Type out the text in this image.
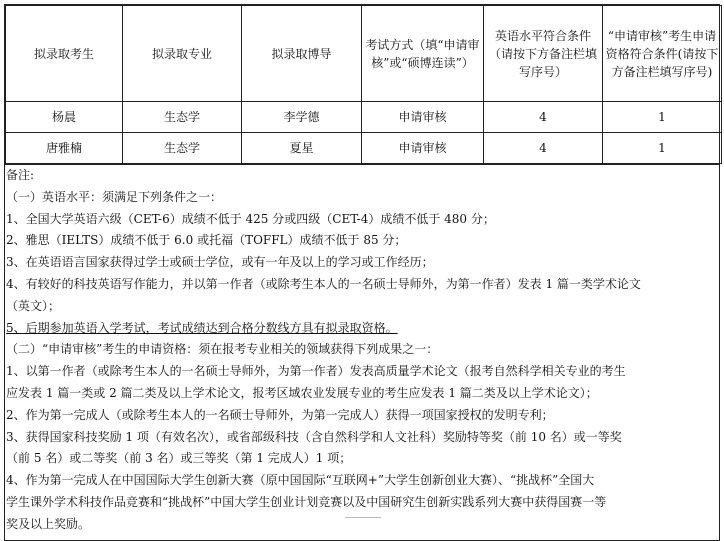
拟录取考生	拟录取专业	拟录取博导	考试方式（填“申请审核”或“硕博连读”）	英语水平符合条件（请按下方备注栏填写序号）	“申请审核”考生申请资格符合条件(请按下方备注栏填写序号)
杨晨	生态学	李学德	申请审核	4	1
唐雅楠	生态学	夏星	申请审核	4	1
备注:
（一）英语水平：须满足下列条件之一：
1、全国大学英语六级（CET-6）成绩不低于 425 分或四级（CET-4）成绩不低于 480 分；
2、雅思（IELTS）成绩不低于 6.0 或托福（TOFFL）成绩不低于 85 分；
3、在英语语言国家获得过学士或硕士学位，或有一年及以上的学习或工作经历；
4、有较好的科技英语写作能力，并以第一作者（或除考生本人的一名硕士导师外，为第一作者）发表 1 篇一类学术论文
（英文）；
5、后期参加英语入学考试，考试成绩达到合格分数线方具有拟录取资格。
（二）“申请审核”考生的申请资格：须在报考专业相关的领域获得下列成果之一：
1、以第一作者（或除考生本人的一名硕士导师外，为第一作者）发表高质量学术论文（报考自然科学相关专业的考生
应发表 1 篇一类或 2 篇二类及以上学术论文，报考区域农业发展专业的考生应发表 1 篇二类及以上学术论文）；
2、作为第一完成人（或除考生本人的一名硕士导师外，为第一完成人）获得一项国家授权的发明专利；
3、获得国家科技奖励 1 项（有效名次），或省部级科技（含自然科学和人文社科）奖励特等奖（前 10 名）或一等奖
（前 5 名）或二等奖（前 3 名）或三等奖（第 1 完成人）1 项；
4、作为第一完成人在中国国际大学生创新大赛（原中国国际“互联网+”大学生创新创业大赛）、“挑战杯”全国大
学生课外学术科技作品竞赛和“挑战杯”中国大学生创业计划竞赛以及中国研究生创新实践系列大赛中获得国赛一等
奖及以上奖励。
